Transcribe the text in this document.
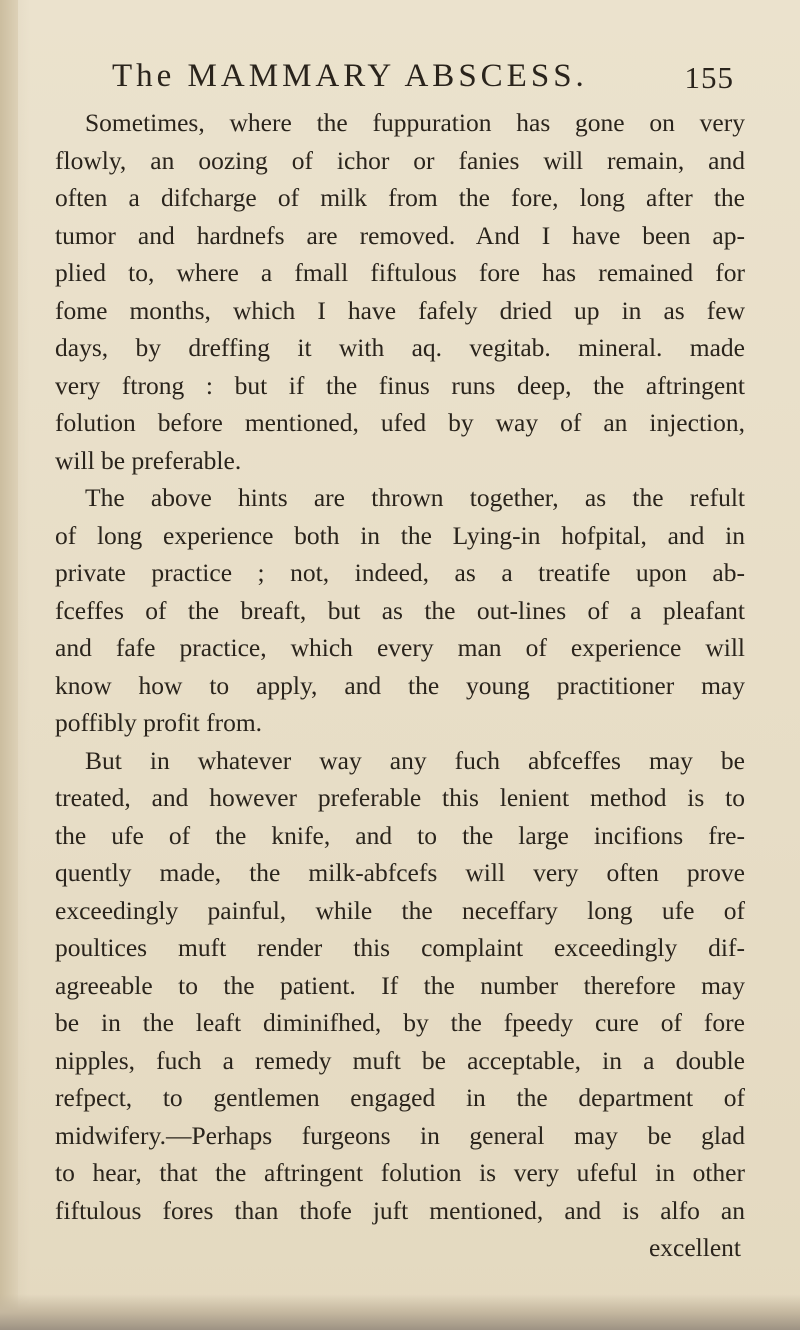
The MAMMARY ABSCESS.	155
Sometimes, where the fuppuration has gone on very
flowly, an oozing of ichor or fanies will remain, and
often a difcharge of milk from the fore, long after the
tumor and hardnefs are removed. And I have been ap-
plied to, where a fmall fiftulous fore has remained for
fome months, which I have fafely dried up in as few
days, by dreffing it with aq. vegitab. mineral. made
very ftrong : but if the finus runs deep, the aftringent
folution before mentioned, ufed by way of an injection,
will be preferable.
The above hints are thrown together, as the refult
of long experience both in the Lying-in hofpital, and in
private practice ; not, indeed, as a treatife upon ab-
fceffes of the breaft, but as the out-lines of a pleafant
and fafe practice, which every man of experience will
know how to apply, and the young practitioner may
poffibly profit from.
But in whatever way any fuch abfceffes may be
treated, and however preferable this lenient method is to
the ufe of the knife, and to the large incifions fre-
quently made, the milk-abfcefs will very often prove
exceedingly painful, while the neceffary long ufe of
poultices muft render this complaint exceedingly dif-
agreeable to the patient. If the number therefore may
be in the leaft diminifhed, by the fpeedy cure of fore
nipples, fuch a remedy muft be acceptable, in a double
refpect, to gentlemen engaged in the department of
midwifery.—Perhaps furgeons in general may be glad
to hear, that the aftringent folution is very ufeful in other
fiftulous fores than thofe juft mentioned, and is alfo an
excellent
